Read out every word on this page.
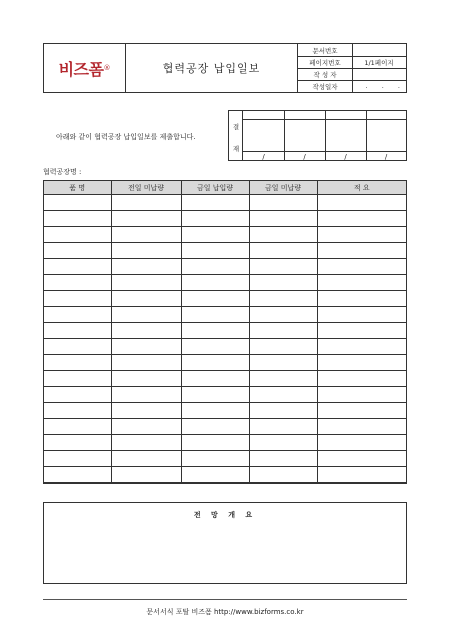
비즈폼 ®	협력공장 납입일보
문서번호
페이지번호	1/1페이지
작 성 자
작성일자	. . .
아래와 같이 협력공장 납입일보를 제출합니다.
결
재
/	/	/	/
협력공장명 :
품 명	전일 미납량	금일 납입량	금일 미납량	적 요

전 망 개 요
문서서식 포탈 비즈폼 http://www.bizforms.co.kr
